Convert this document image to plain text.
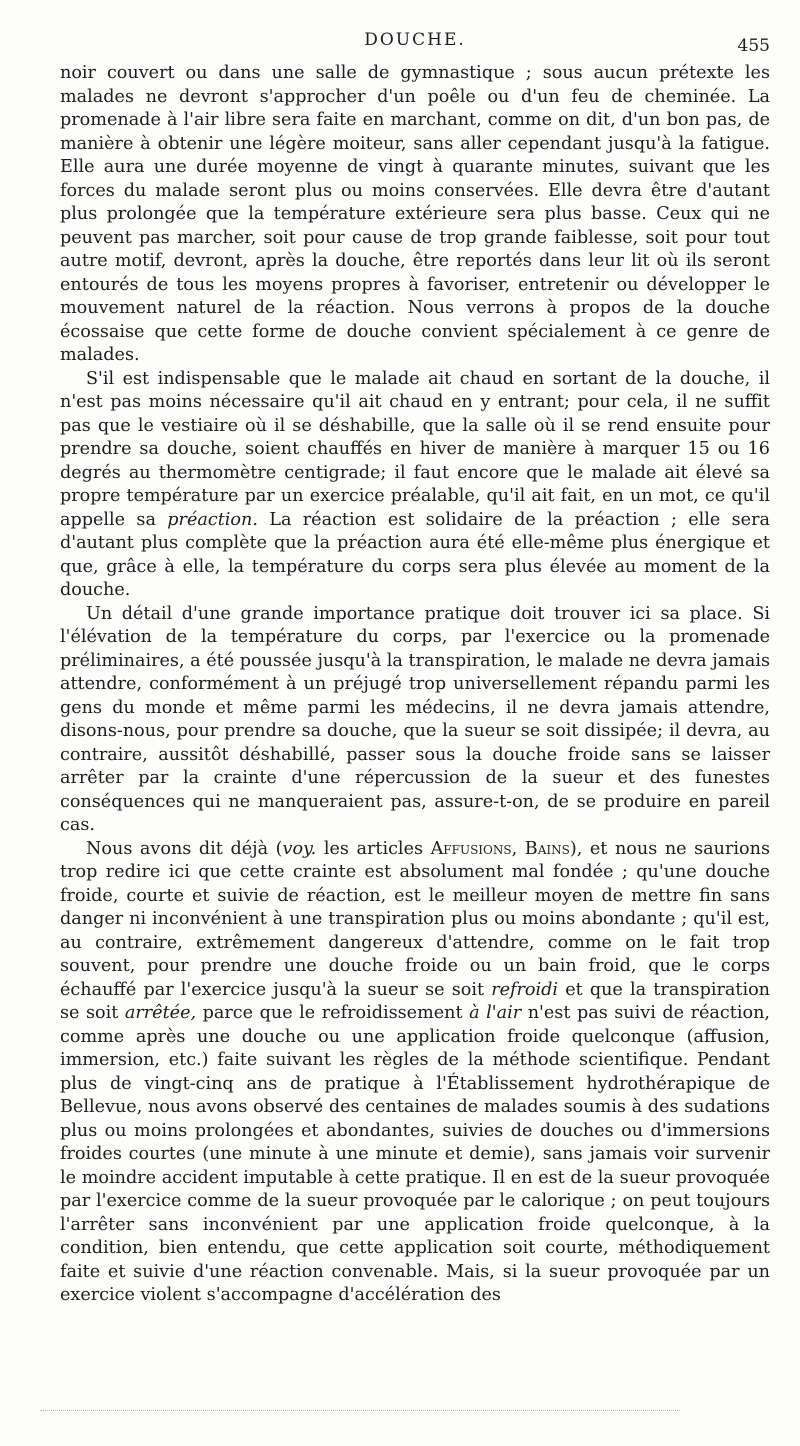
DOUCHE.	455

noir couvert ou dans une salle de gymnastique ; sous aucun prétexte les malades ne devront s'approcher d'un poêle ou d'un feu de cheminée. La promenade à l'air libre sera faite en marchant, comme on dit, d'un bon pas, de manière à obtenir une légère moiteur, sans aller cependant jusqu'à la fatigue. Elle aura une durée moyenne de vingt à quarante minutes, suivant que les forces du malade seront plus ou moins conservées. Elle devra être d'autant plus prolongée que la température extérieure sera plus basse. Ceux qui ne peuvent pas marcher, soit pour cause de trop grande faiblesse, soit pour tout autre motif, devront, après la douche, être reportés dans leur lit où ils seront entourés de tous les moyens propres à favoriser, entretenir ou développer le mouvement naturel de la réaction. Nous verrons à propos de la douche écossaise que cette forme de douche convient spécialement à ce genre de malades.

S'il est indispensable que le malade ait chaud en sortant de la douche, il n'est pas moins nécessaire qu'il ait chaud en y entrant; pour cela, il ne suffit pas que le vestiaire où il se déshabille, que la salle où il se rend ensuite pour prendre sa douche, soient chauffés en hiver de manière à marquer 15 ou 16 degrés au thermomètre centigrade; il faut encore que le malade ait élevé sa propre température par un exercice préalable, qu'il ait fait, en un mot, ce qu'il appelle sa préaction. La réaction est solidaire de la préaction ; elle sera d'autant plus complète que la préaction aura été elle-même plus énergique et que, grâce à elle, la température du corps sera plus élevée au moment de la douche.

Un détail d'une grande importance pratique doit trouver ici sa place. Si l'élévation de la température du corps, par l'exercice ou la promenade préliminaires, a été poussée jusqu'à la transpiration, le malade ne devra jamais attendre, conformément à un préjugé trop universellement répandu parmi les gens du monde et même parmi les médecins, il ne devra jamais attendre, disons-nous, pour prendre sa douche, que la sueur se soit dissipée; il devra, au contraire, aussitôt déshabillé, passer sous la douche froide sans se laisser arrêter par la crainte d'une répercussion de la sueur et des funestes conséquences qui ne manqueraient pas, assure-t-on, de se produire en pareil cas.

Nous avons dit déjà (voy. les articles Affusions, Bains), et nous ne saurions trop redire ici que cette crainte est absolument mal fondée ; qu'une douche froide, courte et suivie de réaction, est le meilleur moyen de mettre fin sans danger ni inconvénient à une transpiration plus ou moins abondante ; qu'il est, au contraire, extrêmement dangereux d'attendre, comme on le fait trop souvent, pour prendre une douche froide ou un bain froid, que le corps échauffé par l'exercice jusqu'à la sueur se soit refroidi et que la transpiration se soit arrêtée, parce que le refroidissement à l'air n'est pas suivi de réaction, comme après une douche ou une application froide quelconque (affusion, immersion, etc.) faite suivant les règles de la méthode scientifique. Pendant plus de vingt-cinq ans de pratique à l'Établissement hydrothérapique de Bellevue, nous avons observé des centaines de malades soumis à des sudations plus ou moins prolongées et abondantes, suivies de douches ou d'immersions froides courtes (une minute à une minute et demie), sans jamais voir survenir le moindre accident imputable à cette pratique. Il en est de la sueur provoquée par l'exercice comme de la sueur provoquée par le calorique ; on peut toujours l'arrêter sans inconvénient par une application froide quelconque, à la condition, bien entendu, que cette application soit courte, méthodiquement faite et suivie d'une réaction convenable. Mais, si la sueur provoquée par un exercice violent s'accompagne d'accélération des
